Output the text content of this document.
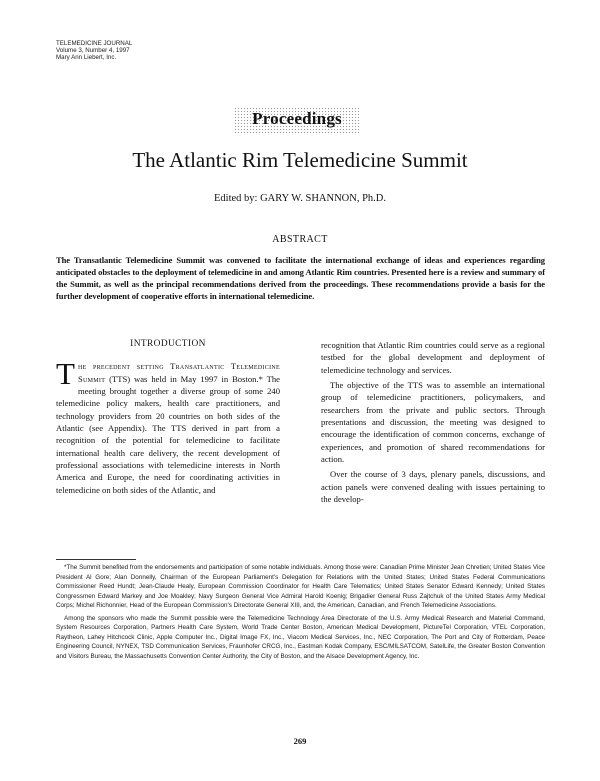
TELEMEDICINE JOURNAL
Volume 3, Number 4, 1997
Mary Ann Liebert, Inc.
Proceedings
The Atlantic Rim Telemedicine Summit
Edited by: GARY W. SHANNON, Ph.D.
ABSTRACT
The Transatlantic Telemedicine Summit was convened to facilitate the international exchange of ideas and experiences regarding anticipated obstacles to the deployment of telemedicine in and among Atlantic Rim countries. Presented here is a review and summary of the Summit, as well as the principal recommendations derived from the proceedings. These recommendations provide a basis for the further development of cooperative efforts in international telemedicine.
INTRODUCTION

The precedent setting Transatlantic Telemedicine Summit (TTS) was held in May 1997 in Boston.* The meeting brought together a diverse group of some 240 telemedicine policy makers, health care practitioners, and technology providers from 20 countries on both sides of the Atlantic (see Appendix). The TTS derived in part from a recognition of the potential for telemedicine to facilitate international health care delivery, the recent development of professional associations with telemedicine interests in North America and Europe, the need for coordinating activities in telemedicine on both sides of the Atlantic, and

recognition that Atlantic Rim countries could serve as a regional testbed for the global development and deployment of telemedicine technology and services.

The objective of the TTS was to assemble an international group of telemedicine practitioners, policymakers, and researchers from the private and public sectors. Through presentations and discussion, the meeting was designed to encourage the identification of common concerns, exchange of experiences, and promotion of shared recommendations for action.

Over the course of 3 days, plenary panels, discussions, and action panels were convened dealing with issues pertaining to the develop-

*The Summit benefited from the endorsements and participation of some notable individuals. Among those were: Canadian Prime Minister Jean Chretien; United States Vice President Al Gore; Alan Donnelly, Chairman of the European Parliament's Delegation for Relations with the United States; United States Federal Communications Commissioner Reed Hundt; Jean-Claude Healy, European Commission Coordinator for Health Care Telematics; United States Senator Edward Kennedy; United States Congressmen Edward Markey and Joe Moakley; Navy Surgeon General Vice Admiral Harold Koenig; Brigadier General Russ Zajtchuk of the United States Army Medical Corps; Michel Richonnier, Head of the European Commission's Directorate General XIII, and, the American, Canadian, and French Telemedicine Associations.

Among the sponsors who made the Summit possible were the Telemedicine Technology Area Directorate of the U.S. Army Medical Research and Material Command, System Resources Corporation, Partners Health Care System, World Trade Center Boston, American Medical Development, PictureTel Corporation, VTEL Corporation, Raytheon, Lahey Hitchcock Clinic, Apple Computer Inc., Digital Image FX, Inc., Viacom Medical Services, Inc., NEC Corporation, The Port and City of Rotterdam, Peace Engineering Council, NYNEX, TSD Communication Services, Fraunhofer CRCG, Inc., Eastman Kodak Company, ESC/MILSATCOM, SatelLife, the Greater Boston Convention and Visitors Bureau, the Massachusetts Convention Center Authority, the City of Boston, and the Alsace Development Agency, Inc.

269
